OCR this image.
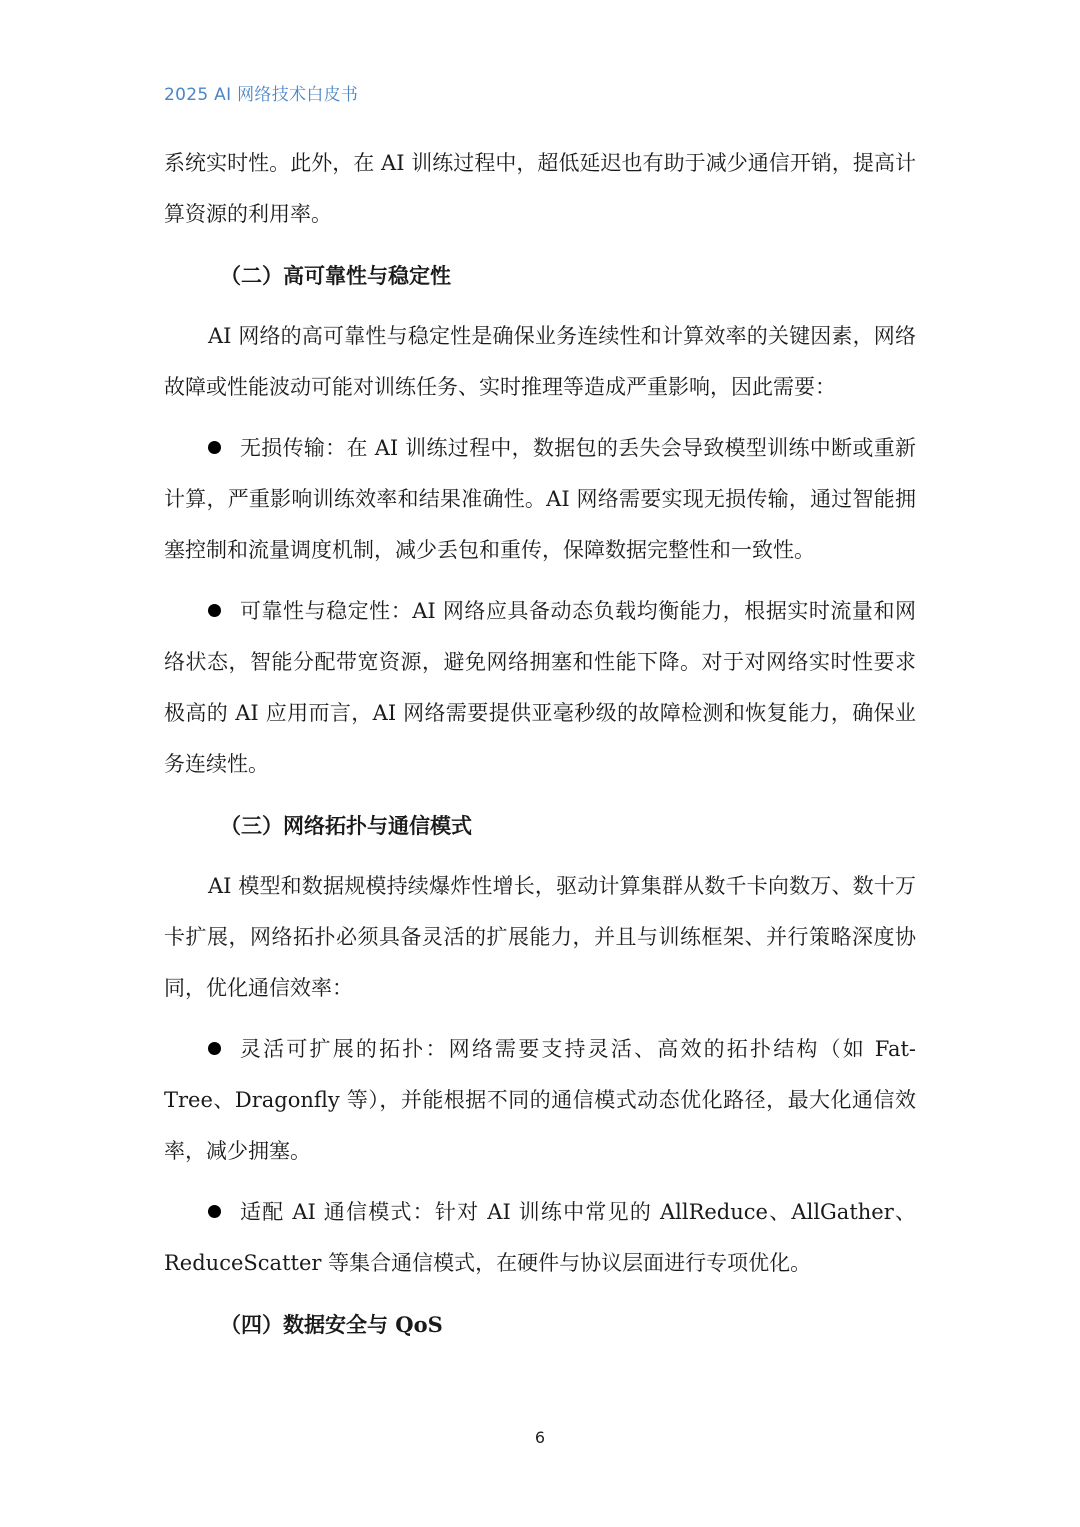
2025 AI 网络技术白皮书

系统实时性。此外，在 AI 训练过程中，超低延迟也有助于减少通信开销，提高计算资源的利用率。

（二）高可靠性与稳定性

AI 网络的高可靠性与稳定性是确保业务连续性和计算效率的关键因素，网络故障或性能波动可能对训练任务、实时推理等造成严重影响，因此需要：

无损传输：在 AI 训练过程中，数据包的丢失会导致模型训练中断或重新计算，严重影响训练效率和结果准确性。AI 网络需要实现无损传输，通过智能拥塞控制和流量调度机制，减少丢包和重传，保障数据完整性和一致性。
可靠性与稳定性：AI 网络应具备动态负载均衡能力，根据实时流量和网络状态，智能分配带宽资源，避免网络拥塞和性能下降。对于对网络实时性要求极高的 AI 应用而言，AI 网络需要提供亚毫秒级的故障检测和恢复能力，确保业务连续性。

（三）网络拓扑与通信模式

AI 模型和数据规模持续爆炸性增长，驱动计算集群从数千卡向数万、数十万卡扩展，网络拓扑必须具备灵活的扩展能力，并且与训练框架、并行策略深度协同，优化通信效率：

灵活可扩展的拓扑：网络需要支持灵活、高效的拓扑结构（如 Fat-Tree、Dragonfly 等），并能根据不同的通信模式动态优化路径，最大化通信效率，减少拥塞。
适配 AI 通信模式：针对 AI 训练中常见的 AllReduce、AllGather、ReduceScatter 等集合通信模式，在硬件与协议层面进行专项优化。

（四）数据安全与 QoS

6
